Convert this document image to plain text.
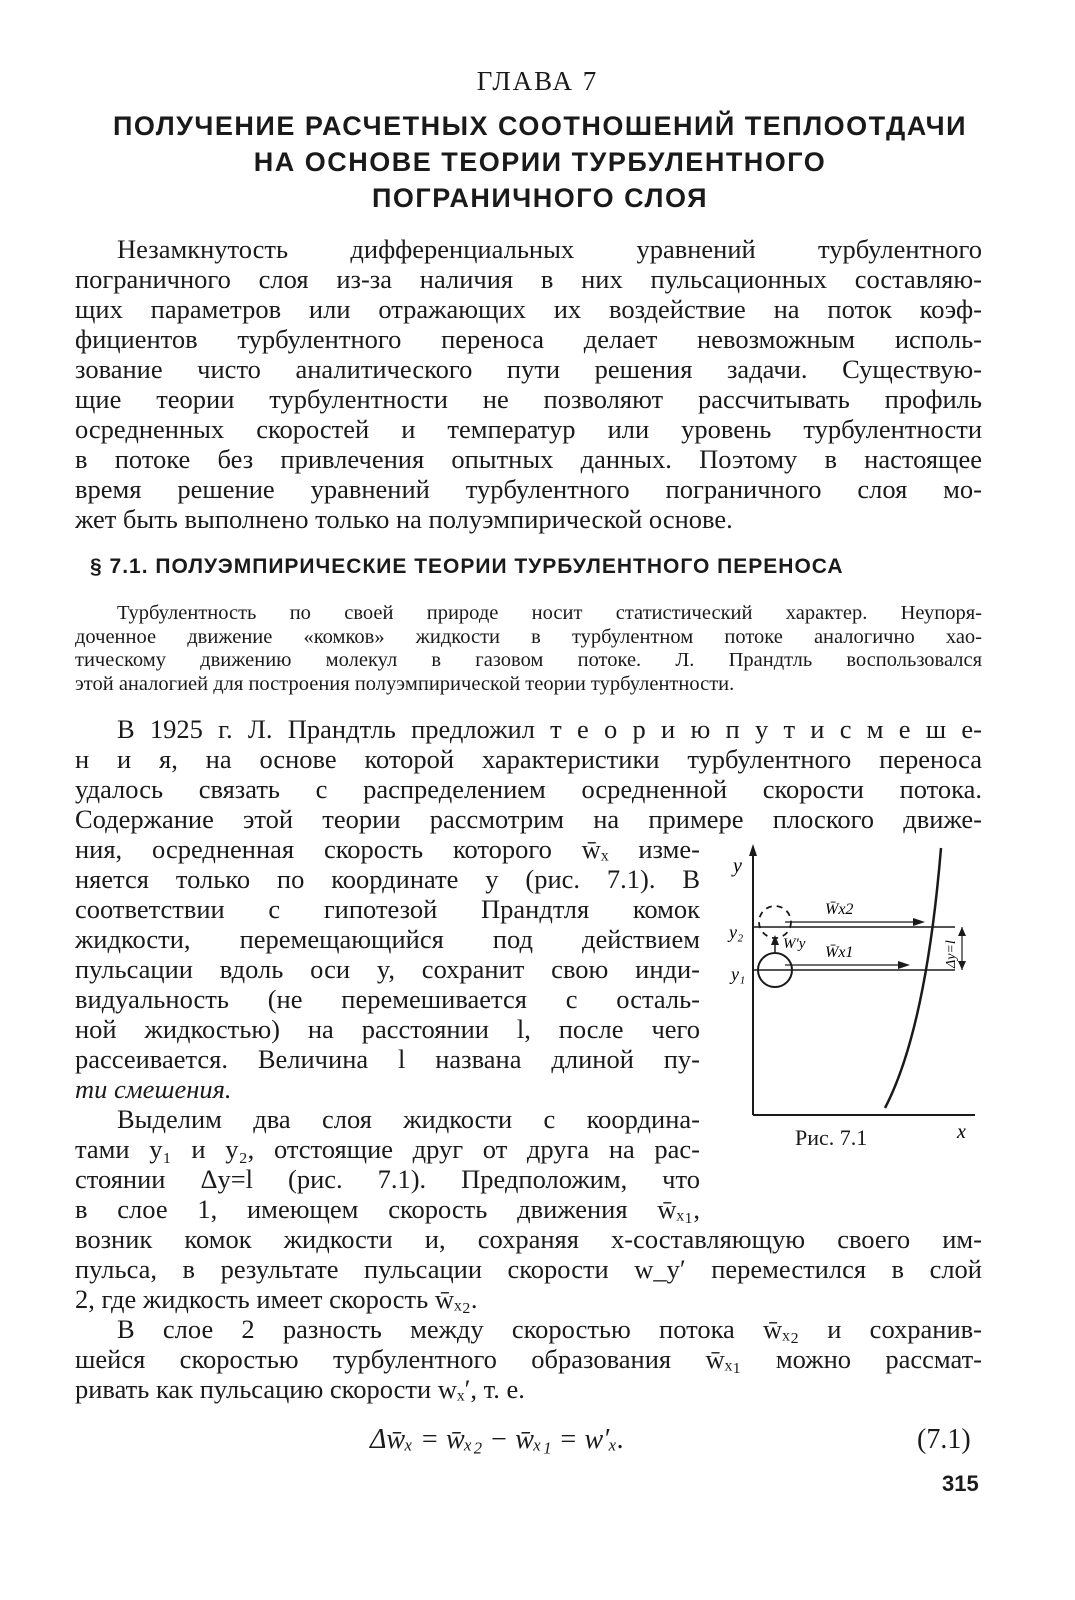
ГЛАВА 7
ПОЛУЧЕНИЕ РАСЧЕТНЫХ СООТНОШЕНИЙ ТЕПЛООТДАЧИ
НА ОСНОВЕ ТЕОРИИ ТУРБУЛЕНТНОГО
ПОГРАНИЧНОГО СЛОЯ
Незамкнутость дифференциальных уравнений турбулентного
пограничного слоя из-за наличия в них пульсационных составляю-
щих параметров или отражающих их воздействие на поток коэф-
фициентов турбулентного переноса делает невозможным исполь-
зование чисто аналитического пути решения задачи. Существую-
щие теории турбулентности не позволяют рассчитывать профиль
осредненных скоростей и температур или уровень турбулентности
в потоке без привлечения опытных данных. Поэтому в настоящее
время решение уравнений турбулентного пограничного слоя мо-
жет быть выполнено только на полуэмпирической основе.
§ 7.1. ПОЛУЭМПИРИЧЕСКИЕ ТЕОРИИ ТУРБУЛЕНТНОГО ПЕРЕНОСА
Турбулентность по своей природе носит статистический характер. Неупоря-
доченное движение «комков» жидкости в турбулентном потоке аналогично хао-
тическому движению молекул в газовом потоке. Л. Прандтль воспользовался
этой аналогией для построения полуэмпирической теории турбулентности.
В 1925 г. Л. Прандтль предложил т е о р и ю п у т и с м е ш е-
н и я, на основе которой характеристики турбулентного переноса
удалось связать с распределением осредненной скорости потока.
Содержание этой теории рассмотрим на примере плоского движе-
ния, осредненная скорость которого w̄ₓ изме-
няется только по координате y (рис. 7.1). В
соответствии с гипотезой Прандтля комок
жидкости, перемещающийся под действием
пульсации вдоль оси y, сохранит свою инди-
видуальность (не перемешивается с осталь-
ной жидкостью) на расстоянии l, после чего
рассеивается. Величина l названа длиной пу-
ти смешения.
Выделим два слоя жидкости с координа-
тами y₁ и y₂, отстоящие друг от друга на рас-
стоянии Δy=l (рис. 7.1). Предположим, что
в слое 1, имеющем скорость движения w̄ₓ₁,
возник комок жидкости и, сохраняя x-составляющую своего им-
пульса, в результате пульсации скорости w_y′ переместился в слой
2, где жидкость имеет скорость w̄ₓ₂.
В слое 2 разность между скоростью потока w̄ₓ₂ и сохранив-
шейся скоростью турбулентного образования w̄ₓ₁ можно рассмат-
ривать как пульсацию скорости wₓ′, т. е.
y
x
y₂
y₁
W̄x2
W̄x1
W′y	Δy=l
Рис. 7.1
Δw̄ₓ = w̄ₓ₂ − w̄ₓ₁ = w′ₓ.	(7.1)
315
